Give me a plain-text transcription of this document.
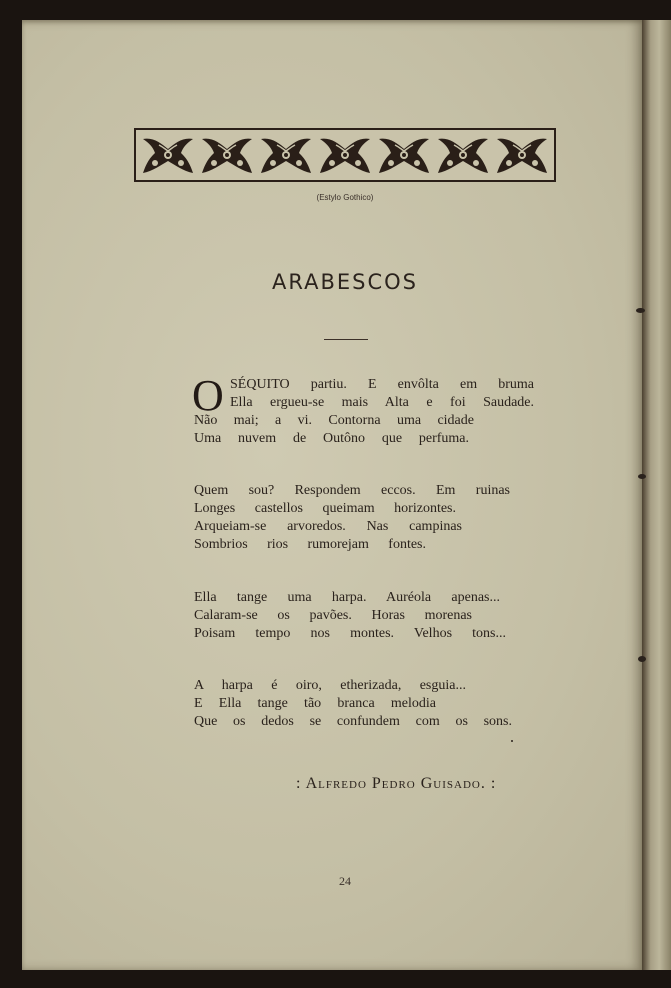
(Estylo Gothico)
ARABESCOS
O SÉQUITO partiu. E envôlta em bruma
Ella ergueu-se mais Alta e foi Saudade.
Não mai; a vi. Contorna uma cidade
Uma nuvem de Outôno que perfuma.
Quem sou? Respondem eccos. Em ruinas
Longes castellos queimam horizontes.
Arqueiam-se arvoredos. Nas campinas
Sombrios rios rumorejam fontes.
Ella tange uma harpa. Auréola apenas...
Calaram-se os pavões. Horas morenas
Poisam tempo nos montes. Velhos tons...
A harpa é oiro, etherizada, esguia...
E Ella tange tão branca melodia
Que os dedos se confundem com os sons.
: Alfredo Pedro Guisado. :
24
